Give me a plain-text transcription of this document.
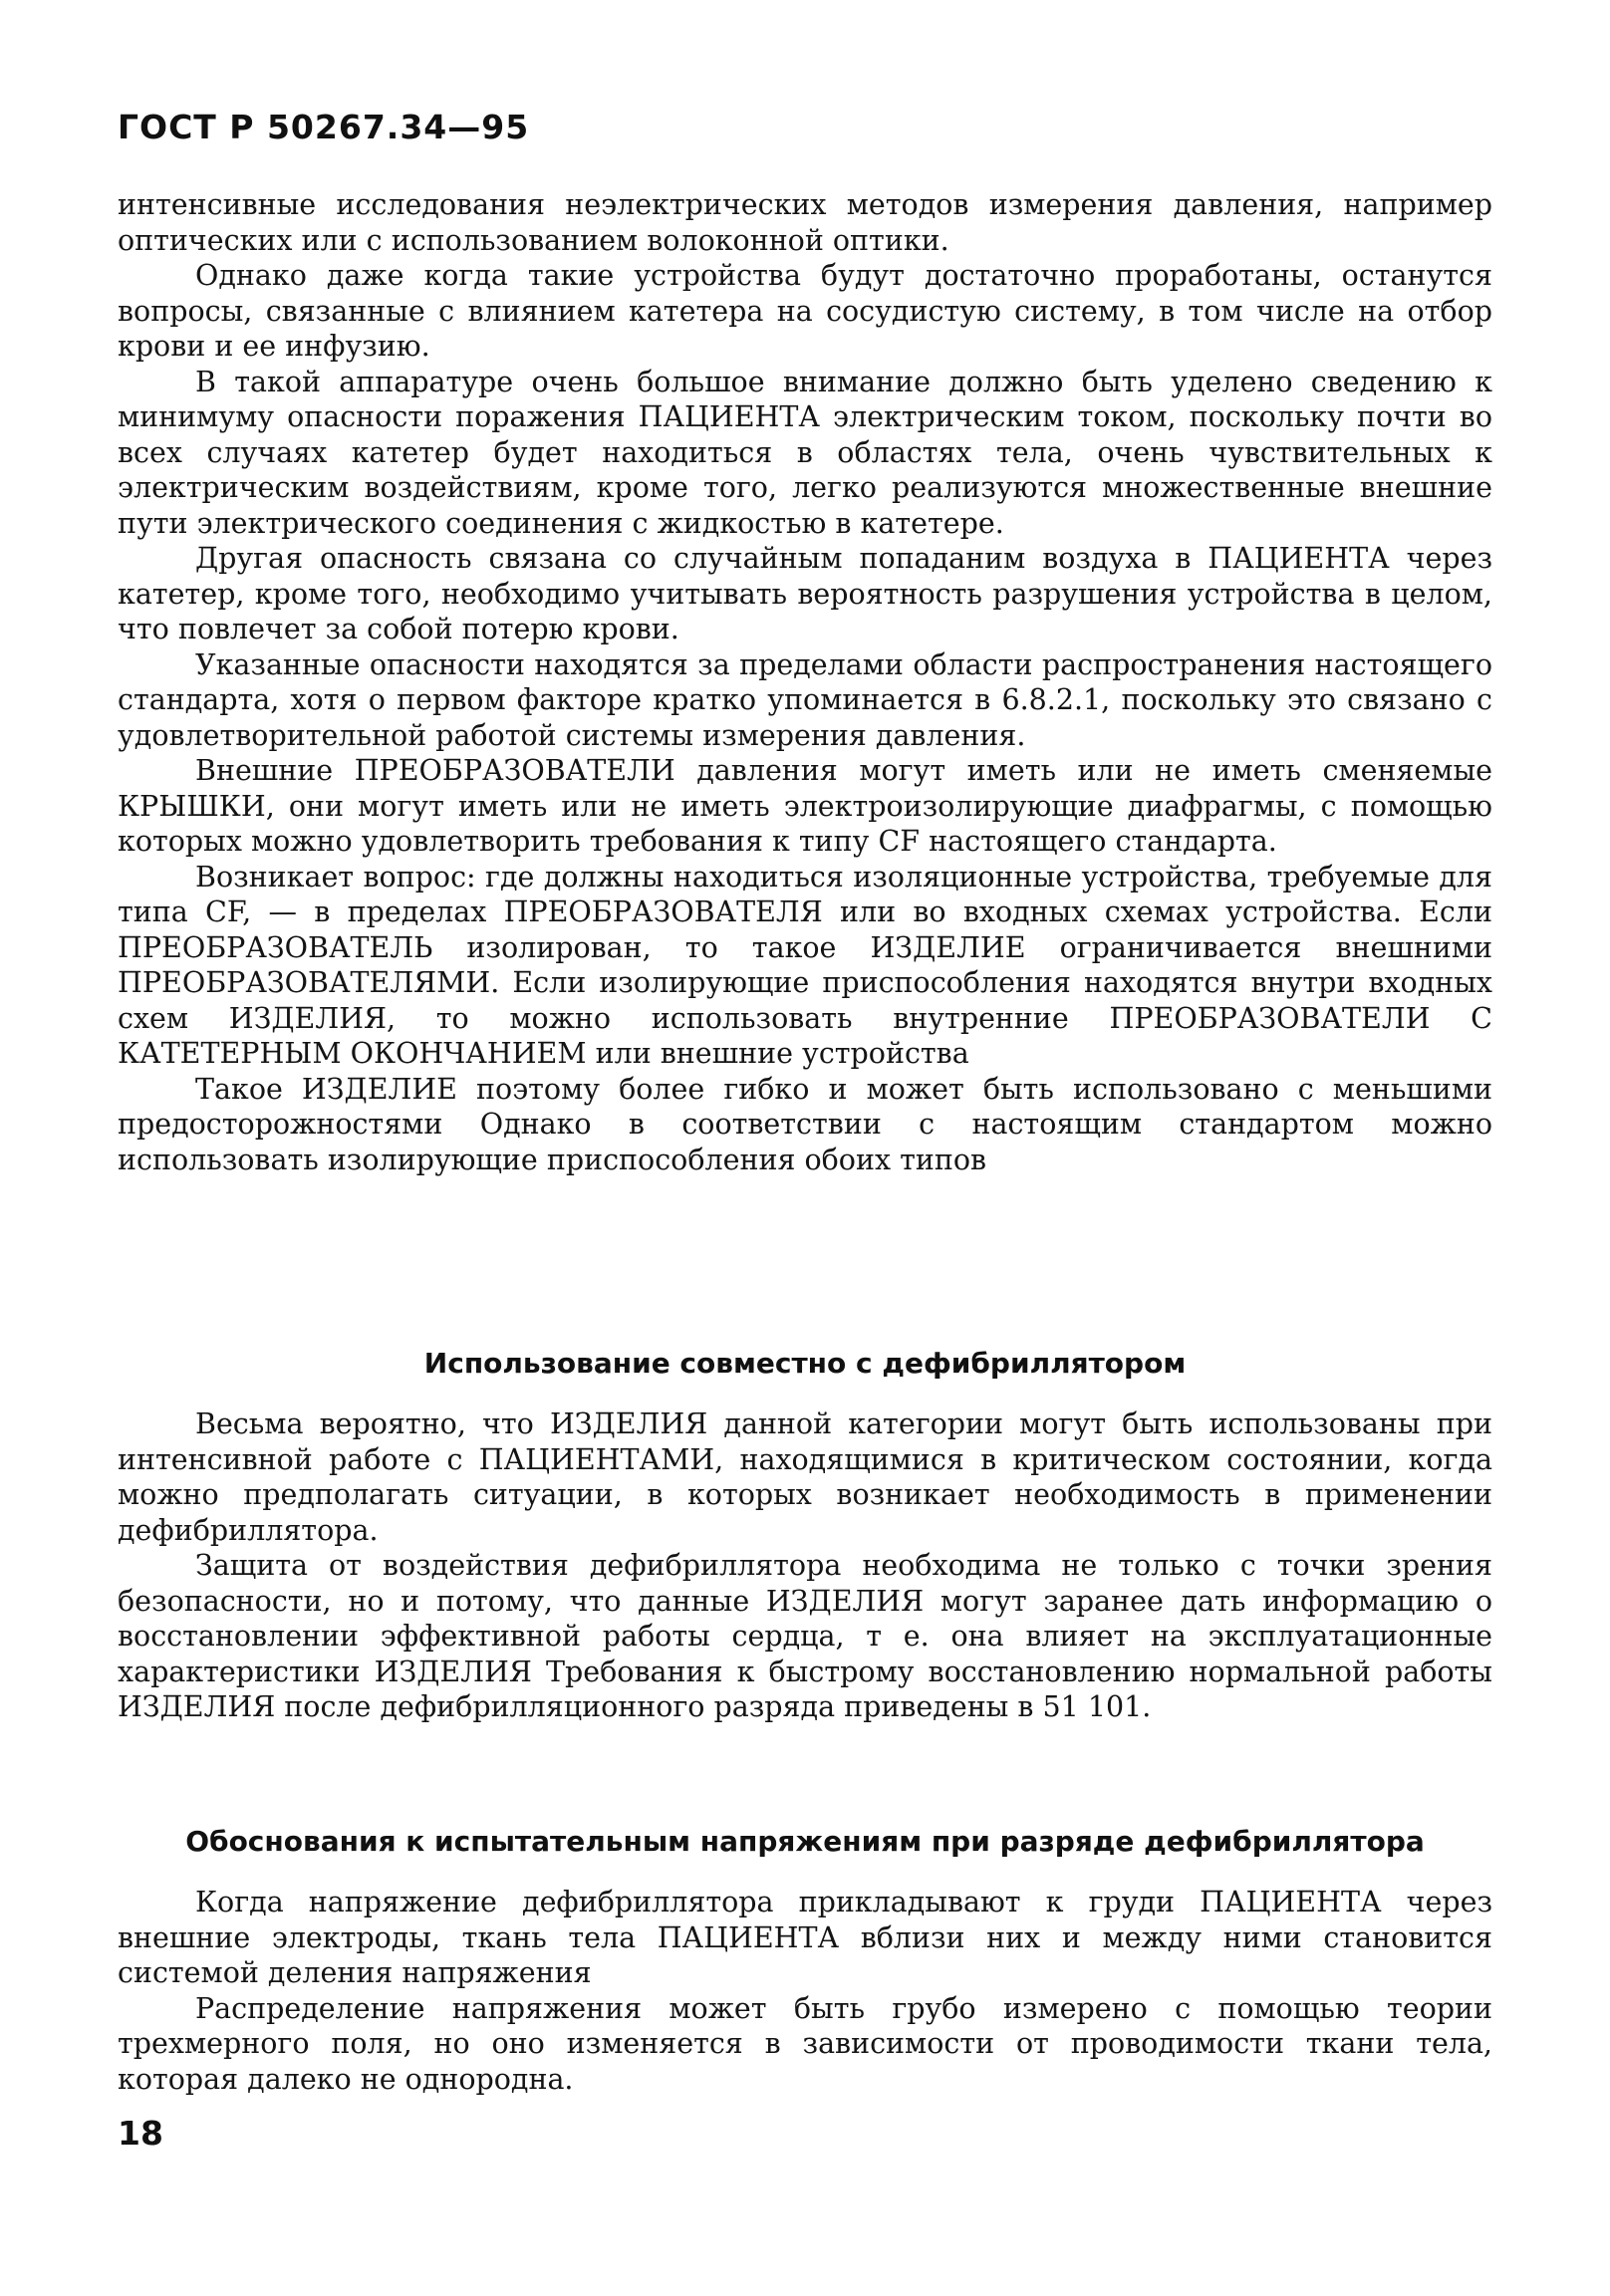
ГОСТ Р 50267.34—95

интенсивные исследования неэлектрических методов измерения давления, например оптических или с использованием волоконной оптики.

Однако даже когда такие устройства будут достаточно проработаны, останутся вопросы, связанные с влиянием катетера на сосудистую систему, в том числе на отбор крови и ее инфузию.

В такой аппаратуре очень большое внимание должно быть уделено сведению к минимуму опасности поражения ПАЦИЕНТА электрическим током, поскольку почти во всех случаях катетер будет находиться в областях тела, очень чувствительных к электрическим воздействиям, кроме того, легко реализуются множественные внешние пути электрического соединения с жидкостью в катетере.

Другая опасность связана со случайным попаданим воздуха в ПАЦИЕНТА через катетер, кроме того, необходимо учитывать вероятность разрушения устройства в целом, что повлечет за собой потерю крови.

Указанные опасности находятся за пределами области распространения настоящего стандарта, хотя о первом факторе кратко упоминается в 6.8.2.1, поскольку это связано с удовлетворительной работой системы измерения давления.

Внешние ПРЕОБРАЗОВАТЕЛИ давления могут иметь или не иметь сменяемые КРЫШКИ, они могут иметь или не иметь электроизолирующие диафрагмы, с помощью которых можно удовлетворить требования к типу CF настоящего стандарта.

Возникает вопрос: где должны находиться изоляционные устройства, требуемые для типа CF, — в пределах ПРЕОБРАЗОВАТЕЛЯ или во входных схемах устройства. Если ПРЕОБРАЗОВАТЕЛЬ изолирован, то такое ИЗДЕЛИЕ ограничивается внешними ПРЕОБРАЗОВАТЕЛЯМИ. Если изолирующие приспособления находятся внутри входных схем ИЗДЕЛИЯ, то можно использовать внутренние ПРЕОБРАЗОВАТЕЛИ С КАТЕТЕРНЫМ ОКОНЧАНИЕМ или внешние устройства

Такое ИЗДЕЛИЕ поэтому более гибко и может быть использовано с меньшими предосторожностями Однако в соответствии с настоящим стандартом можно использовать изолирующие приспособления обоих типов

Использование совместно с дефибриллятором

Весьма вероятно, что ИЗДЕЛИЯ данной категории могут быть использованы при интенсивной работе с ПАЦИЕНТАМИ, находящимися в критическом состоянии, когда можно предполагать ситуации, в которых возникает необходимость в применении дефибриллятора.

Защита от воздействия дефибриллятора необходима не только с точки зрения безопасности, но и потому, что данные ИЗДЕЛИЯ могут заранее дать информацию о восстановлении эффективной работы сердца, т е. она влияет на эксплуатационные характеристики ИЗДЕЛИЯ Требования к быстрому восстановлению нормальной работы ИЗДЕЛИЯ после дефибрилляционного разряда приведены в 51 101.

Обоснования к испытательным напряжениям при разряде дефибриллятора

Когда напряжение дефибриллятора прикладывают к груди ПАЦИЕНТА через внешние электроды, ткань тела ПАЦИЕНТА вблизи них и между ними становится системой деления напряжения

Распределение напряжения может быть грубо измерено с помощью теории трехмерного поля, но оно изменяется в зависимости от проводимости ткани тела, которая далеко не однородна.

18
